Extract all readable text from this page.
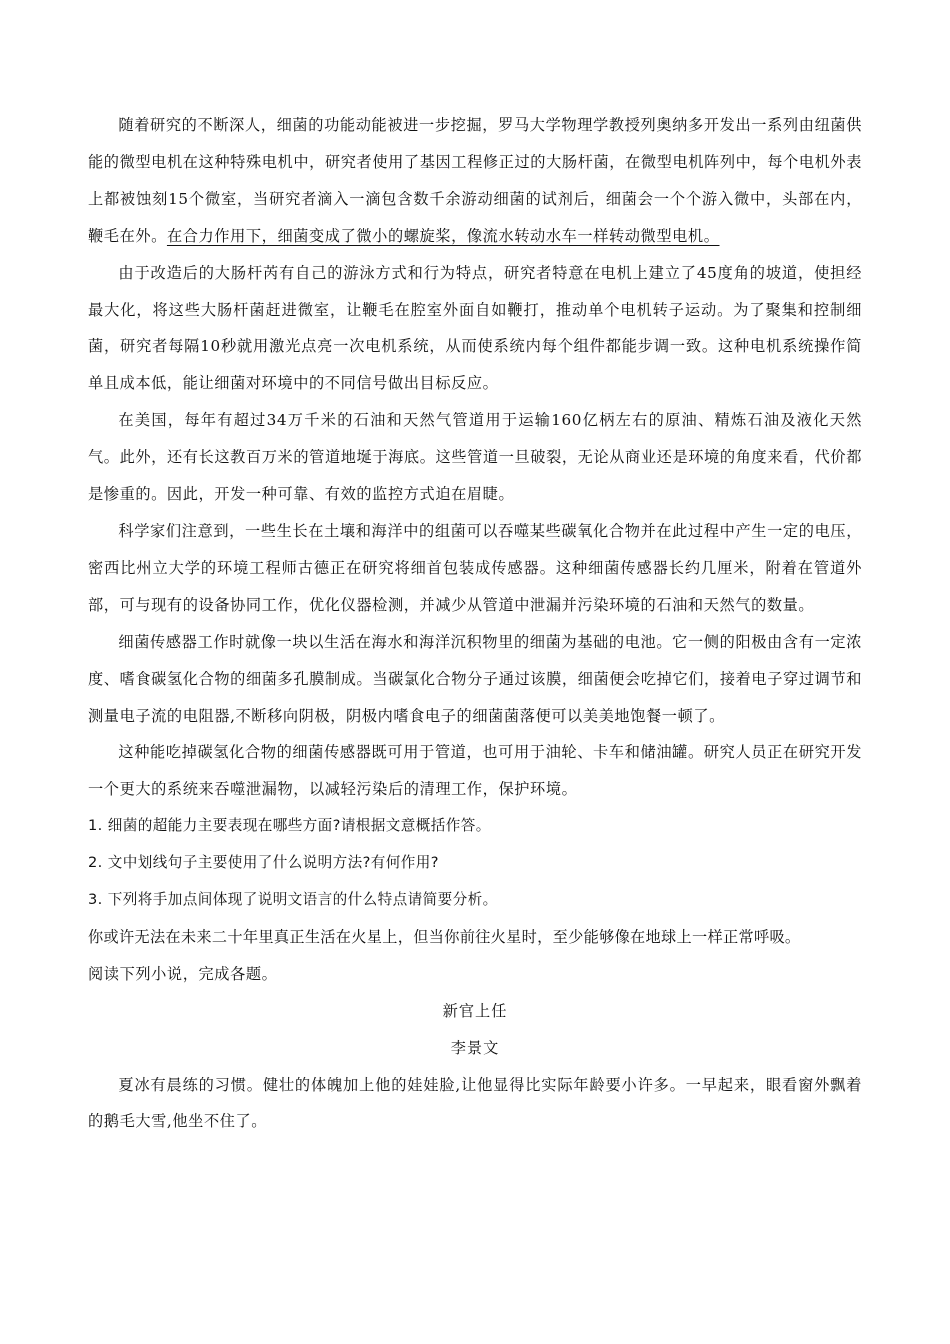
随着研究的不断深人，细菌的功能动能被进一步挖掘，罗马大学物理学教授列奥纳多开发出一系列由纽菌供能的微型电机在这种特殊电机中，研究者使用了基因工程修正过的大肠杆菌，在微型电机阵列中，每个电机外表上都被蚀刻15个微室，当研究者滴入一滴包含数千余游动细菌的试剂后，细菌会一个个游入微中，头部在内，鞭毛在外。在合力作用下，细菌变成了微小的螺旋桨，像流水转动水车一样转动微型电机。

由于改造后的大肠杆芮有自己的游泳方式和行为特点，研究者特意在电机上建立了45度角的坡道，使担经最大化，将这些大肠杆菌赶进微室，让鞭毛在腔室外面自如鞭打，推动单个电机转子运动。为了聚集和控制细菌，研究者每隔10秒就用激光点亮一次电机系统，从而使系统内每个组件都能步调一致。这种电机系统操作简单且成本低，能让细菌对环境中的不同信号做出目标反应。

在美国，每年有超过34万千米的石油和天然气管道用于运输160亿柄左右的原油、精炼石油及液化天然气。此外，还有长这教百万米的管道地埏于海底。这些管道一旦破裂，无论从商业还是环境的角度来看，代价都是惨重的。因此，开发一种可靠、有效的监控方式迫在眉睫。

科学家们注意到，一些生长在土壤和海洋中的组菌可以吞噬某些碳氧化合物并在此过程中产生一定的电压，密西比州立大学的环境工程师古德正在研究将细首包装成传感器。这种细菌传感器长约几厘米，附着在管道外部，可与现有的设备协同工作，优化仪器检测，并减少从管道中泄漏并污染环境的石油和天然气的数量。

细菌传感器工作时就像一块以生活在海水和海洋沉积物里的细菌为基础的电池。它一侧的阳极由含有一定浓度、嗜食碳氢化合物的细菌多孔膜制成。当碳氯化合物分子通过该膜，细菌便会吃掉它们，接着电子穿过调节和测量电子流的电阻器,不断移向阴极，阴极内嗜食电子的细菌菌落便可以美美地饱餐一顿了。

这种能吃掉碳氢化合物的细菌传感器既可用于管道，也可用于油轮、卡车和储油罐。研究人员正在研究开发一个更大的系统来吞噬泄漏物，以减轻污染后的清理工作，保护环境。

1. 细菌的超能力主要表现在哪些方面?请根据文意概括作答。

2. 文中划线句子主要使用了什么说明方法?有何作用?

3. 下列将手加点间体现了说明文语言的什么特点请简要分析。

你或许无法在未来二十年里真正生活在火星上，但当你前往火星时，至少能够像在地球上一样正常呼吸。

阅读下列小说，完成各题。

新官上任

李景文

夏冰有晨练的习惯。健壮的体魄加上他的娃娃脸,让他显得比实际年龄要小许多。一早起来，眼看窗外飘着的鹅毛大雪,他坐不住了。
